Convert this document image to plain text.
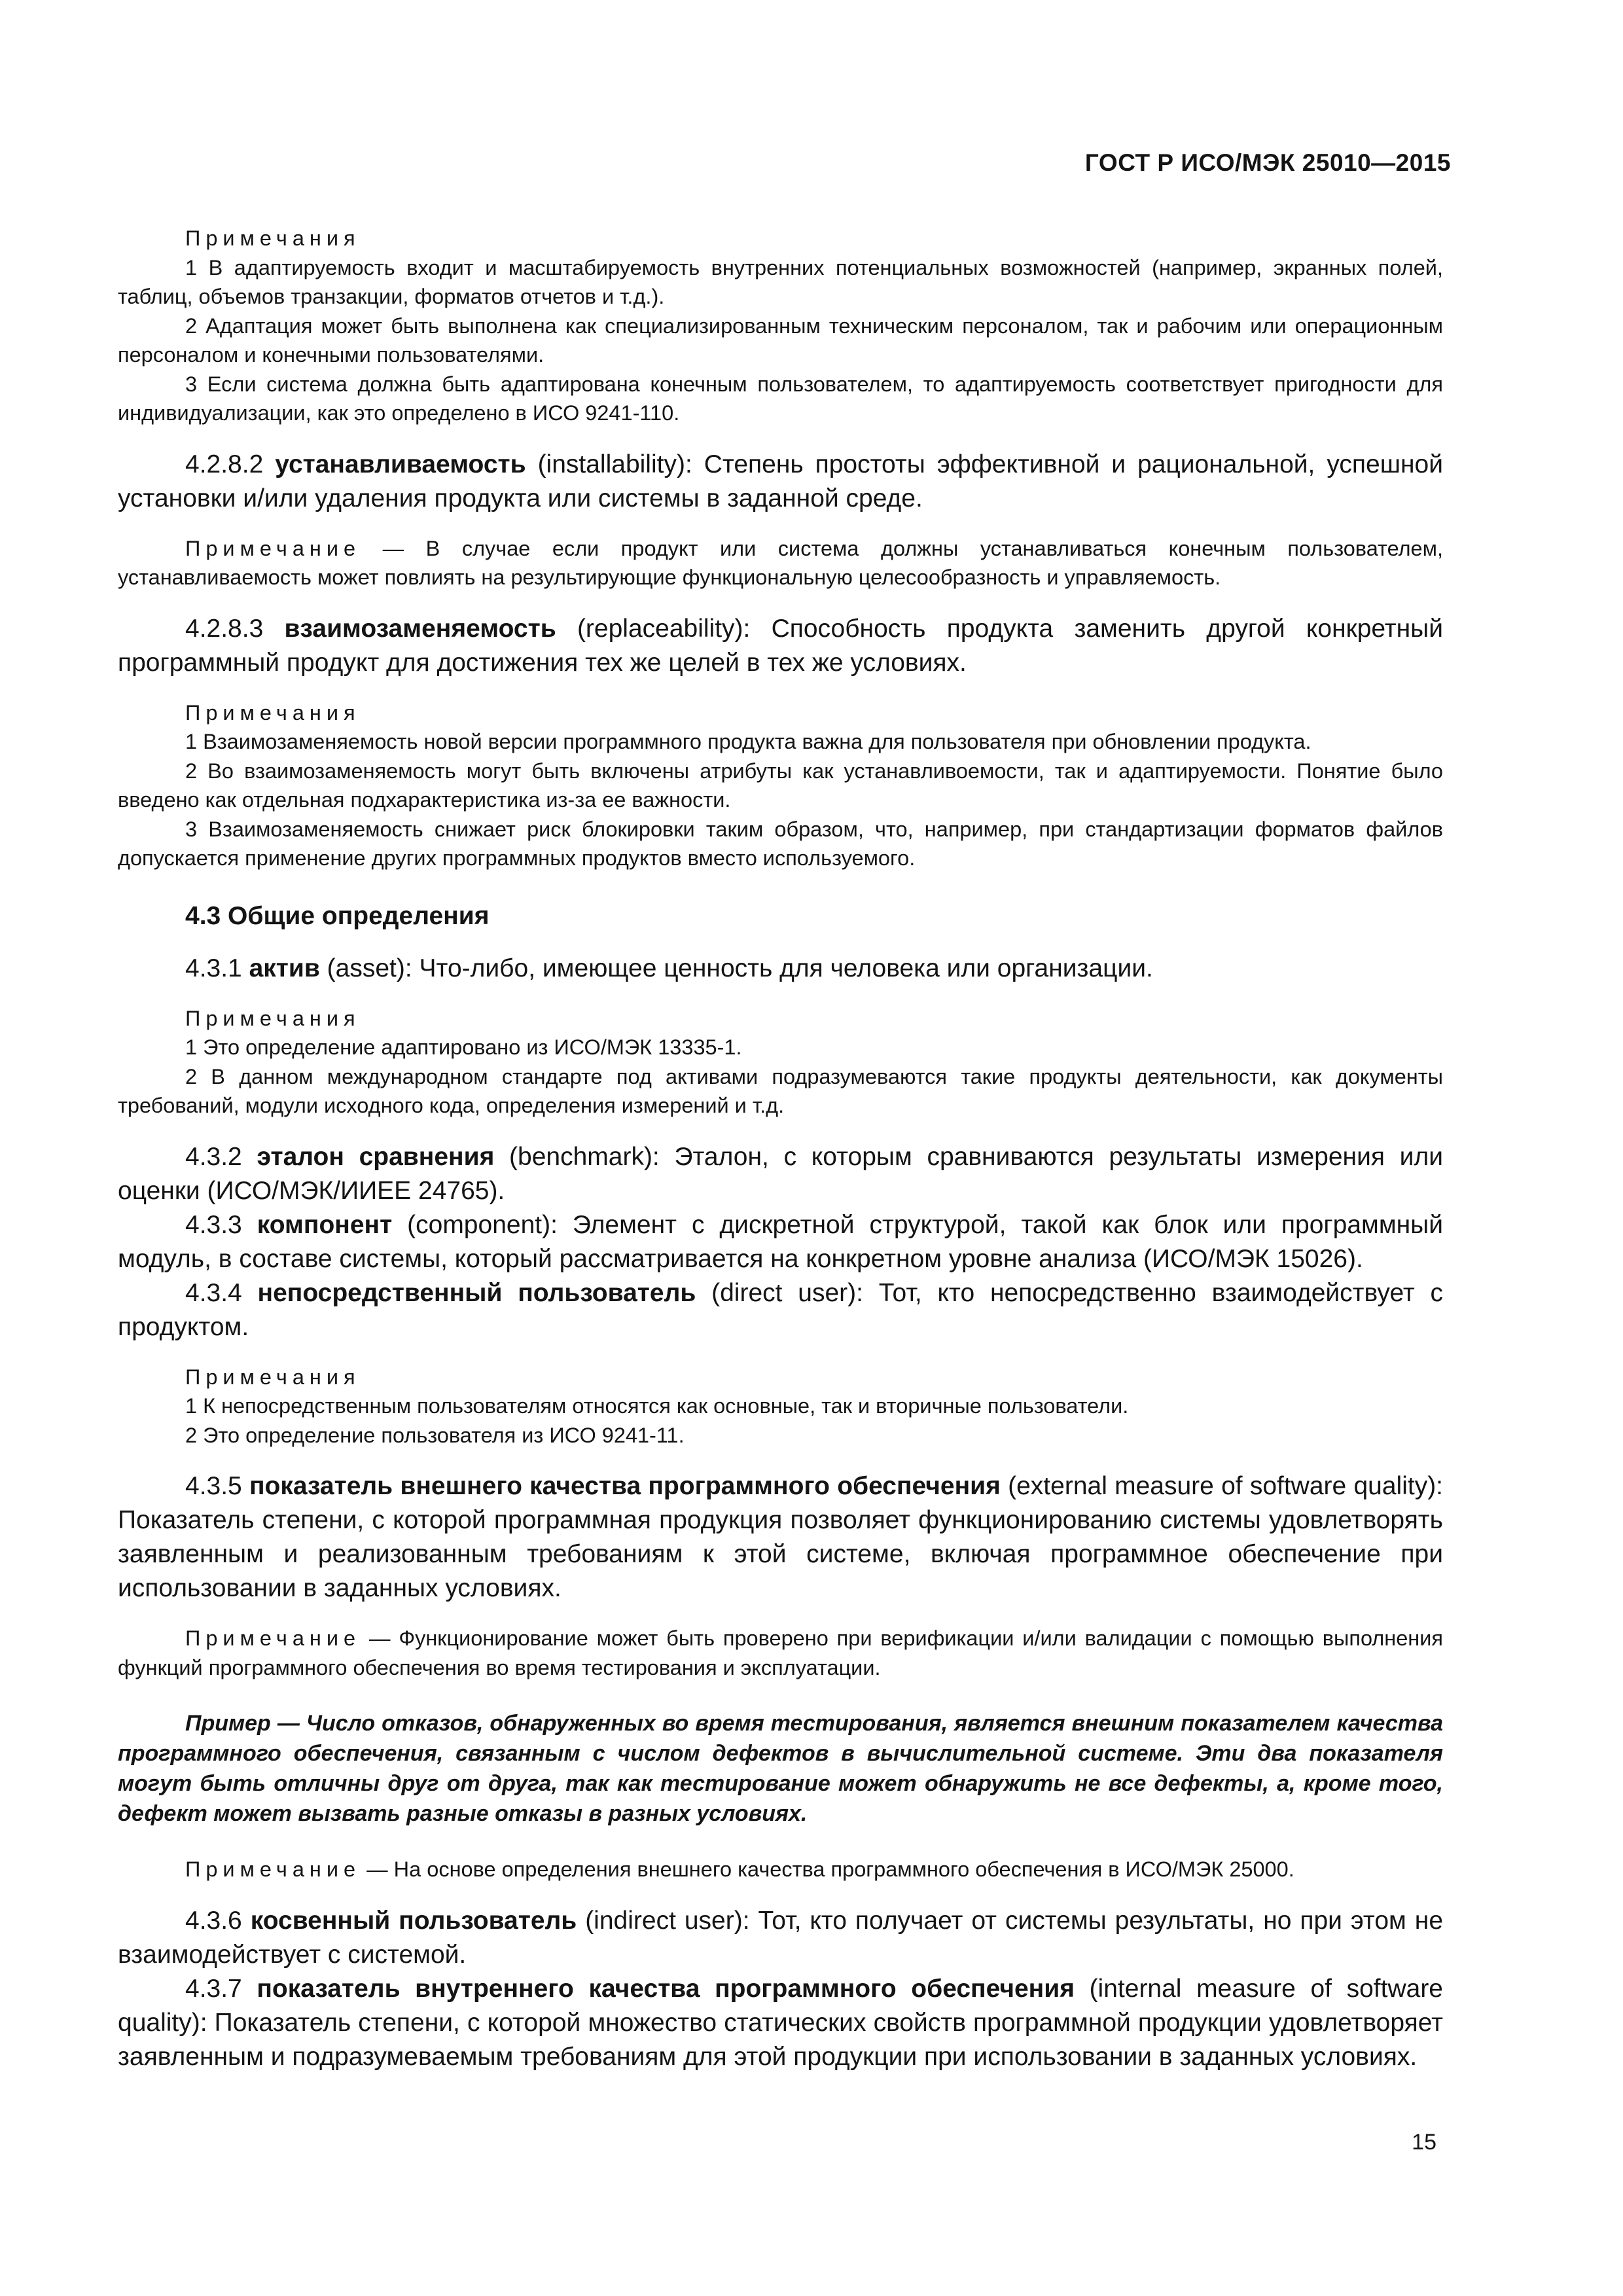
ГОСТ Р ИСО/МЭК 25010—2015

Примечания

1 В адаптируемость входит и масштабируемость внутренних потенциальных возможностей (например, экранных полей, таблиц, объемов транзакции, форматов отчетов и т.д.).

2 Адаптация может быть выполнена как специализированным техническим персоналом, так и рабочим или операционным персоналом и конечными пользователями.

3 Если система должна быть адаптирована конечным пользователем, то адаптируемость соответствует пригодности для индивидуализации, как это определено в ИСО 9241-110.

4.2.8.2 устанавливаемость (installability): Степень простоты эффективной и рациональной, успешной установки и/или удаления продукта или системы в заданной среде.

Примечание — В случае если продукт или система должны устанавливаться конечным пользователем, устанавливаемость может повлиять на результирующие функциональную целесообразность и управляемость.

4.2.8.3 взаимозаменяемость (replaceability): Способность продукта заменить другой конкретный программный продукт для достижения тех же целей в тех же условиях.

Примечания

1 Взаимозаменяемость новой версии программного продукта важна для пользователя при обновлении продукта.

2 Во взаимозаменяемость могут быть включены атрибуты как устанавливоемости, так и адаптируемости. Понятие было введено как отдельная подхарактеристика из-за ее важности.

3 Взаимозаменяемость снижает риск блокировки таким образом, что, например, при стандартизации форматов файлов допускается применение других программных продуктов вместо используемого.

4.3 Общие определения

4.3.1 актив (asset): Что-либо, имеющее ценность для человека или организации.

Примечания

1 Это определение адаптировано из ИСО/МЭК 13335-1.

2 В данном международном стандарте под активами подразумеваются такие продукты деятельности, как документы требований, модули исходного кода, определения измерений и т.д.

4.3.2 эталон сравнения (benchmark): Эталон, с которым сравниваются результаты измерения или оценки (ИСО/МЭК/ИИЕЕ 24765).

4.3.3 компонент (component): Элемент с дискретной структурой, такой как блок или программный модуль, в составе системы, который рассматривается на конкретном уровне анализа (ИСО/МЭК 15026).

4.3.4 непосредственный пользователь (direct user): Тот, кто непосредственно взаимодействует с продуктом.

Примечания

1 К непосредственным пользователям относятся как основные, так и вторичные пользователи.

2 Это определение пользователя из ИСО 9241-11.

4.3.5 показатель внешнего качества программного обеспечения (external measure of software quality): Показатель степени, с которой программная продукция позволяет функционированию системы удовлетворять заявленным и реализованным требованиям к этой системе, включая программное обеспечение при использовании в заданных условиях.

Примечание — Функционирование может быть проверено при верификации и/или валидации с помощью выполнения функций программного обеспечения во время тестирования и эксплуатации.

Пример — Число отказов, обнаруженных во время тестирования, является внешним показателем качества программного обеспечения, связанным с числом дефектов в вычислительной системе. Эти два показателя могут быть отличны друг от друга, так как тестирование может обнаружить не все дефекты, а, кроме того, дефект может вызвать разные отказы в разных условиях.

Примечание — На основе определения внешнего качества программного обеспечения в ИСО/МЭК 25000.

4.3.6 косвенный пользователь (indirect user): Тот, кто получает от системы результаты, но при этом не взаимодействует с системой.

4.3.7 показатель внутреннего качества программного обеспечения (internal measure of software quality): Показатель степени, с которой множество статических свойств программной продукции удовлетворяет заявленным и подразумеваемым требованиям для этой продукции при использовании в заданных условиях.

15
